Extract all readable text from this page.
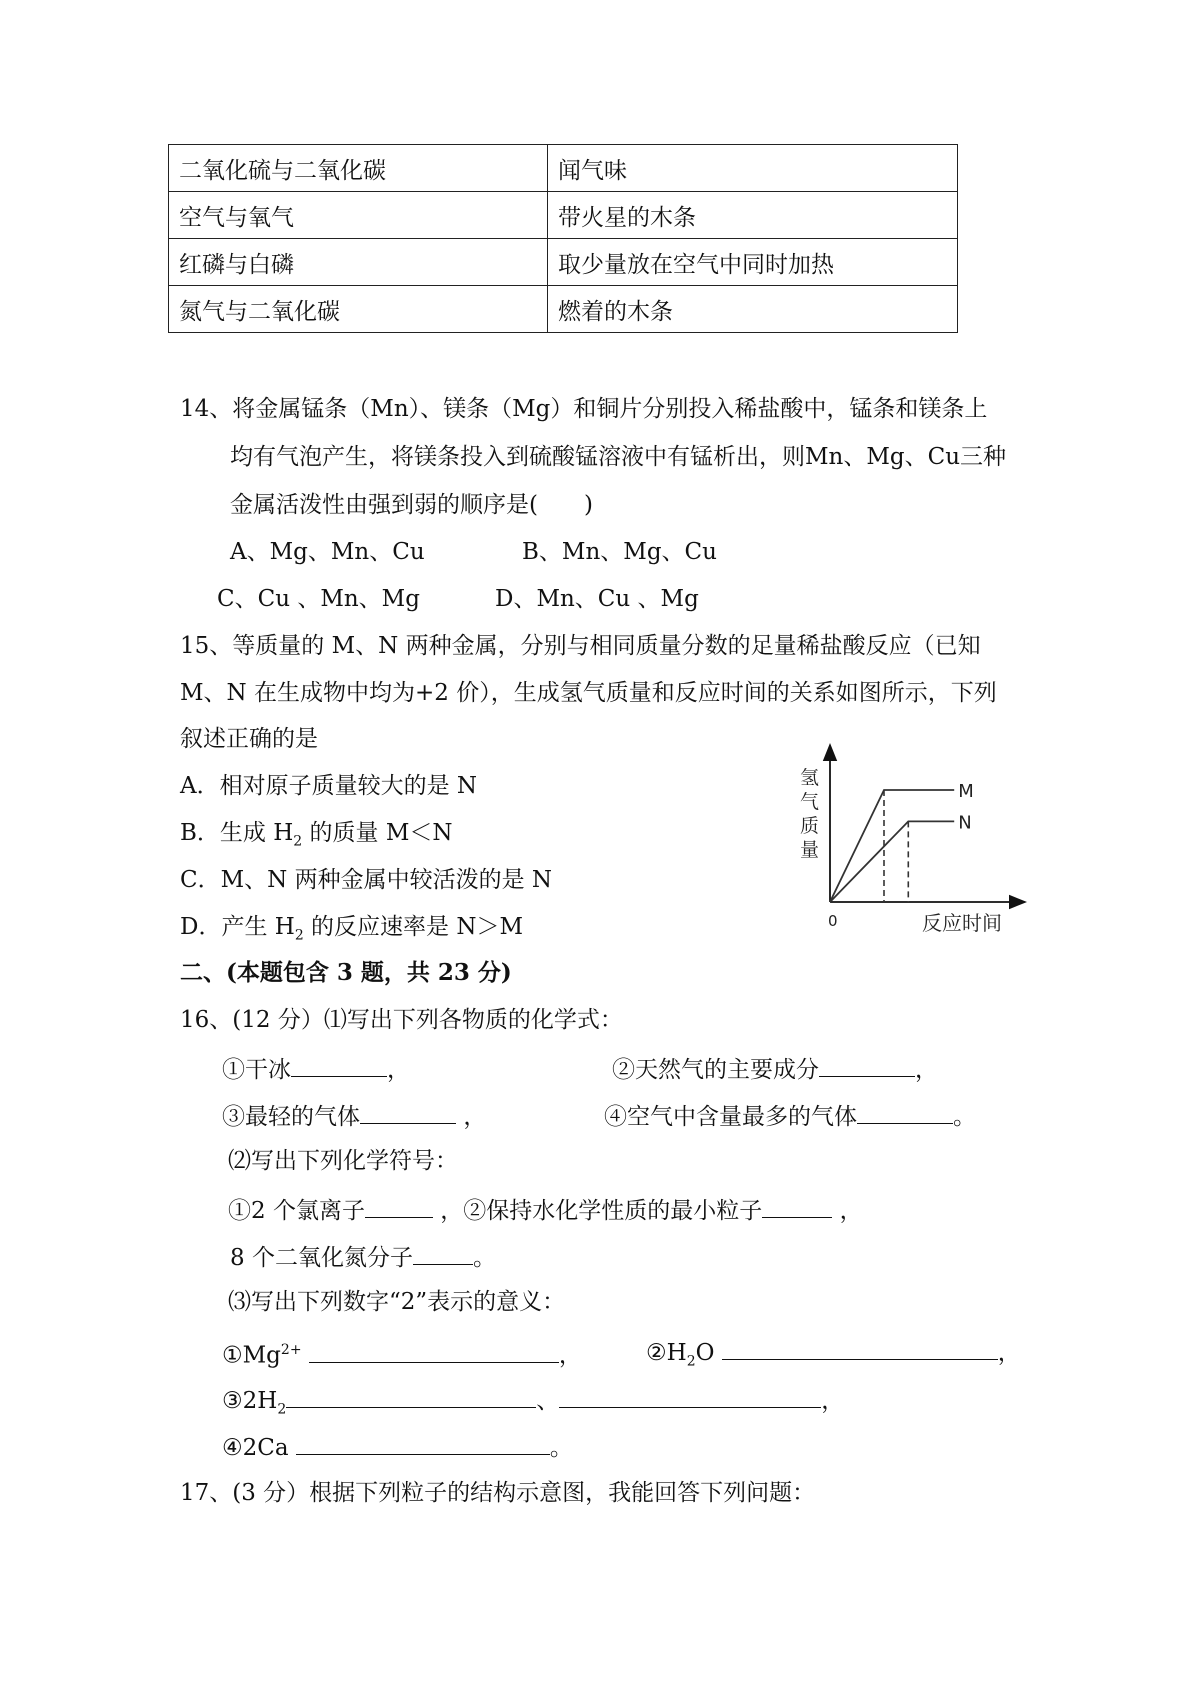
二氧化硫与二氧化碳	闻气味
空气与氧气	带火星的木条
红磷与白磷	取少量放在空气中同时加热
氮气与二氧化碳	燃着的木条
14、将金属锰条（Mn）、镁条（Mg）和铜片分别投入稀盐酸中，锰条和镁条上
均有气泡产生，将镁条投入到硫酸锰溶液中有锰析出，则Mn、Mg、Cu三种
金属活泼性由强到弱的顺序是(　　)
A、Mg、Mn、Cu	B、Mn、Mg、Cu
C、Cu 、Mn、Mg	D、Mn、Cu 、Mg
15、等质量的 M、N 两种金属，分别与相同质量分数的足量稀盐酸反应（已知
M、N 在生成物中均为+2 价），生成氢气质量和反应时间的关系如图所示，下列
叙述正确的是
A．相对原子质量较大的是 N
B．生成 $H_2$ 的质量 M＜N
C．M、N 两种金属中较活泼的是 N
D．产生 $H_2$ 的反应速率是 N＞M
氢
气
质
量
0	反应时间
M
N
二、(本题包含 3 题，共 23 分)
16、(12 分）⑴写出下列各物质的化学式：
①干冰	，	②天然气的主要成分	，
③最轻的气体	，	④空气中含量最多的气体	。
⑵写出下列化学符号：
①2 个氯离子	，②保持水化学性质的最小粒子	，
8 个二氧化氮分子	。
⑶写出下列数字“2”表示的意义：
$①Mg^{2+}$	，	$②H_2O$	，
$③2H_2$	、	，
④2Ca	。
17、(3 分）根据下列粒子的结构示意图，我能回答下列问题：
